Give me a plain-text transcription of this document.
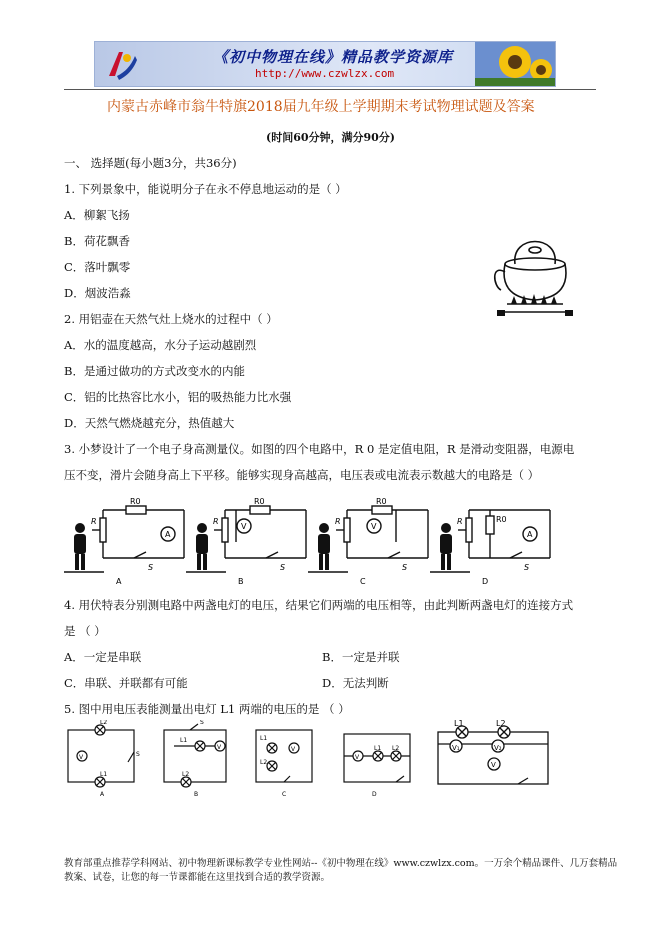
《初中物理在线》精品教学资源库
http://www.czwlzx.com
内蒙古赤峰市翁牛特旗2018届九年级上学期期末考试物理试题及答案
(时间60分钟，满分90分)
一、 选择题(每小题3分，共36分)
1. 下列景象中，能说明分子在永不停息地运动的是（ ）
A．柳絮飞扬
B．荷花飘香
C．落叶飘零
D．烟波浩淼
2. 用铝壶在天然气灶上烧水的过程中（ ）
A．水的温度越高，水分子运动越剧烈
B．是通过做功的方式改变水的内能
C．铝的比热容比水小，铝的吸热能力比水强
D．天然气燃烧越充分，热值越大
3. 小梦设计了一个电子身高测量仪。如图的四个电路中，R 0 是定值电阻，R 是滑动变阻器，电源电
压不变，滑片会随身高上下平移。能够实现身高越高，电压表或电流表示数越大的电路是（ ）
A
R0
R
S
A
V
R0
R
S
B
V
R0
R
S
C
A
R0
R
S
D
4. 用伏特表分别测电路中两盏电灯的电压，结果它们两端的电压相等，由此判断两盏电灯的连接方式
是 （ ）
A．一定是串联	B．一定是并联
C．串联、并联都有可能	D．无法判断
5. 图中用电压表能测量出电灯 L1 两端的电压的是 （ ）
V
L2
L1
S
A
V
L1
L2
S
B
V
L1
L2
C
V
L1 L2
D
V₁	V₂
V
L1	L2
教育部重点推荐学科网站、初中物理新课标教学专业性网站--《初中物理在线》www.czwlzx.com。一万余个精品课件、几万套精品教案、试卷，让您的每一节课都能在这里找到合适的教学资源。
